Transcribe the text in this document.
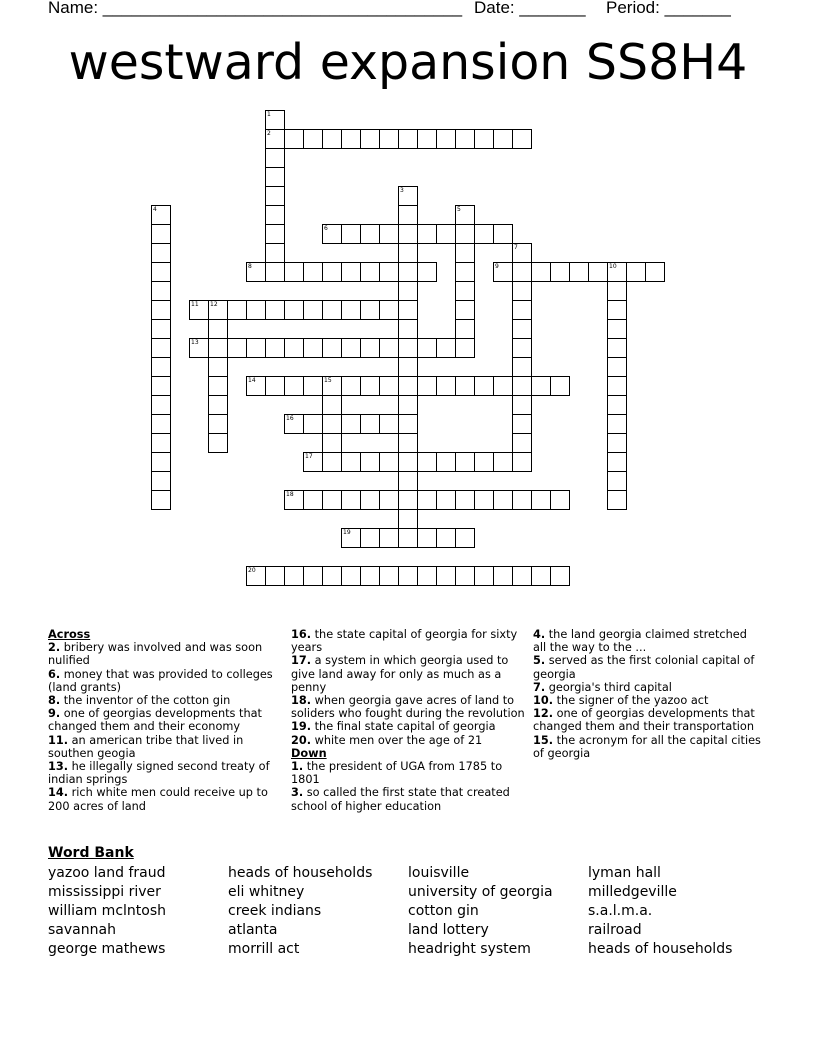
Name: ______________________________________ Date: _______ Period: _______
westward expansion SS8H4
1
2
3
4	5
6
7
8	9	10
11 12
13
14	15
16
17
18
19
20
Across
2. bribery was involved and was soon nulified
6. money that was provided to colleges (land grants)
8. the inventor of the cotton gin
9. one of georgias developments that changed them and their economy
11. an american tribe that lived in southen geogia
13. he illegally signed second treaty of indian springs
14. rich white men could receive up to 200 acres of land
16. the state capital of georgia for sixty years
17. a system in which georgia used to give land away for only as much as a penny
18. when georgia gave acres of land to soliders who fought during the revolution
19. the final state capital of georgia
20. white men over the age of 21
Down
1. the president of UGA from 1785 to 1801
3. so called the first state that created school of higher education
4. the land georgia claimed stretched all the way to the ...
5. served as the first colonial capital of georgia
7. georgia's third capital
10. the signer of the yazoo act
12. one of georgias developments that changed them and their transportation
15. the acronym for all the capital cities of georgia
Word Bank
yazoo land fraud
mississippi river
william mclntosh
savannah
george mathews
heads of households
eli whitney
creek indians
atlanta
morrill act
louisville
university of georgia
cotton gin
land lottery
headright system
lyman hall
milledgeville
s.a.l.m.a.
railroad
heads of households
